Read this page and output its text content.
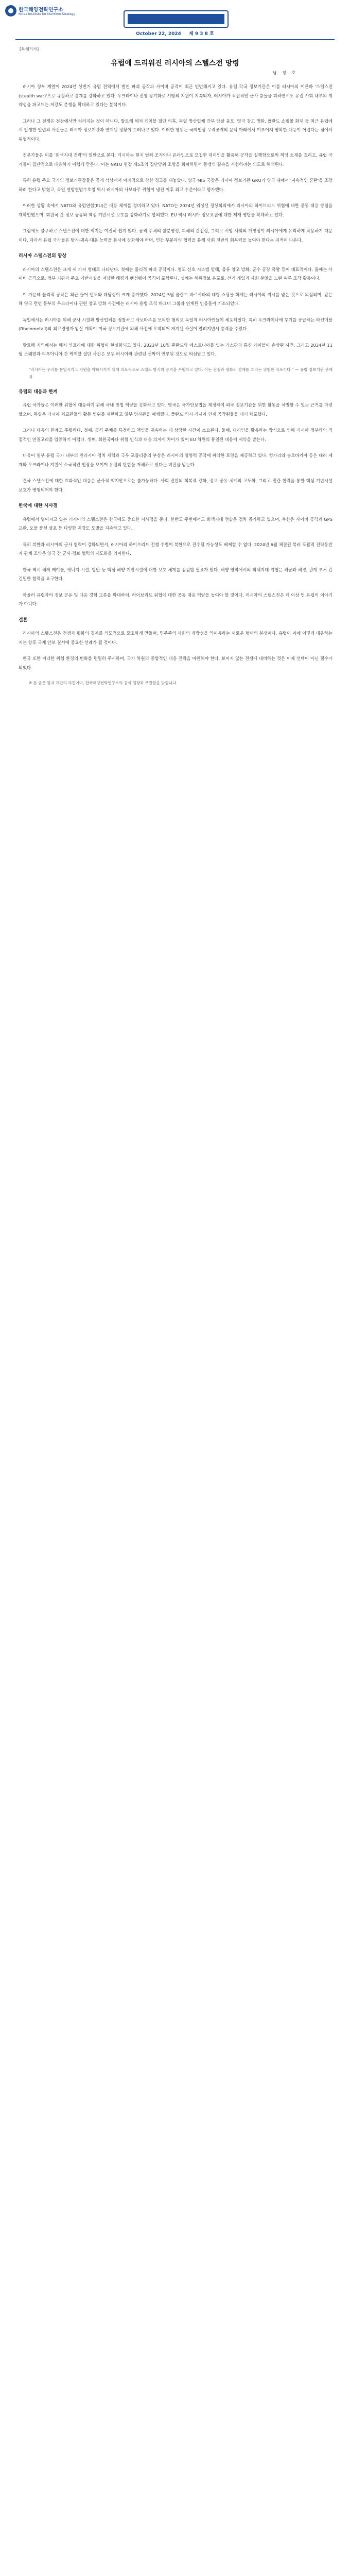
한국해양전략연구소
Korea Institute for Maritime Strategy	KIMS Periscope
October 22, 2024 제 9 3 8 호
[독해기사]
유럽에 드리워진 러시아의 스텔스전 망령
남 정 호

러시아 정부 계열이 2024년 상반기 유럽 전역에서 벌인 파괴 공작과 사이버 공격이 최근 빈번해지고 있다. 유럽 각국 정보기관은 이를 러시아의 이른바 '스텔스전(stealth war)'으로 규정하고 경계를 강화하고 있다. 우크라이나 전쟁 장기화로 서방의 지원이 지속되자, 러시아가 직접적인 군사 충돌을 피하면서도 유럽 사회 내부의 취약성을 파고드는 저강도 분쟁을 확대하고 있다는 분석이다.

그러나 그 전쟁은 전장에서만 치러지는 것이 아니다. 발트해 해저 케이블 절단 의혹, 독일 방산업체 간부 암살 음모, 영국 창고 방화, 폴란드 쇼핑몰 화재 등 최근 유럽에서 발생한 일련의 사건들은 러시아 정보기관과 연계된 정황이 드러나고 있다. 이러한 행위는 국제법상 무력공격의 문턱 아래에서 이루어져 명확한 대응이 어렵다는 점에서 위협적이다.

전문가들은 이를 '회색지대 전략'의 일환으로 본다. 러시아는 현지 범죄 조직이나 온라인으로 모집한 대리인을 활용해 공작을 실행함으로써 책임 소재를 흐리고, 유럽 국가들이 집단적으로 대응하기 어렵게 만든다. 이는 NATO 헌장 제5조의 집단방위 조항을 회피하면서 동맹의 결속을 시험하려는 의도로 해석된다.

특히 유럽 주요 국가의 정보기관장들은 공개 석상에서 이례적으로 강한 경고를 내놓았다. 영국 MI5 국장은 러시아 정보기관 GRU가 영국 내에서 '지속적인 혼란'을 조장하려 한다고 밝혔고, 독일 연방헌법수호청 역시 러시아의 사보타주 위협이 냉전 이후 최고 수준이라고 평가했다.

이러한 상황 속에서 NATO와 유럽연합(EU)은 대응 체계를 정비하고 있다. NATO는 2024년 워싱턴 정상회의에서 러시아의 하이브리드 위협에 대한 공동 대응 방침을 재확인했으며, 회원국 간 정보 공유와 핵심 기반시설 보호를 강화하기로 합의했다. EU 역시 러시아 정보요원에 대한 제재 명단을 확대하고 있다.

그럼에도 불구하고 스텔스전에 대한 억지는 여전히 쉽지 않다. 공격 주체의 불분명성, 피해의 간접성, 그리고 서방 사회의 개방성이 러시아에게 유리하게 작용하기 때문이다. 따라서 유럽 국가들은 탐지·귀속·대응 능력을 동시에 강화해야 하며, 민간 부문과의 협력을 통해 사회 전반의 회복력을 높여야 한다는 지적이 나온다.

러시아 스텔스전의 양상

러시아의 스텔스전은 크게 세 가지 형태로 나타난다. 첫째는 물리적 파괴 공작이다. 철도 신호 시스템 방해, 물류 창고 방화, 군수 공장 폭발 등이 대표적이다. 둘째는 사이버 공격으로, 정부 기관과 주요 기반시설을 겨냥한 해킹과 랜섬웨어 공격이 포함된다. 셋째는 허위정보 유포로, 선거 개입과 사회 분열을 노린 여론 조작 활동이다.

이 가운데 물리적 공작은 최근 들어 빈도와 대담성이 크게 증가했다. 2024년 5월 폴란드 바르샤바의 대형 쇼핑몰 화재는 러시아의 지시를 받은 것으로 의심되며, 같은 해 영국 런던 동부의 우크라이나 관련 창고 방화 사건에는 러시아 용병 조직 바그너 그룹과 연계된 인물들이 기소되었다.

독일에서는 러시아를 위해 군사 시설과 방산업체를 정찰하고 사보타주를 모의한 혐의로 독일계 러시아인들이 체포되었다. 특히 우크라이나에 무기를 공급하는 라인메탈(Rheinmetall)의 최고경영자 암살 계획이 미국 정보기관에 의해 사전에 포착되어 저지된 사실이 알려지면서 충격을 주었다.

발트해 지역에서는 해저 인프라에 대한 위협이 현실화되고 있다. 2023년 10월 핀란드와 에스토니아를 잇는 가스관과 통신 케이블이 손상된 사건, 그리고 2024년 11월 스웨덴과 리투아니아 간 케이블 절단 사건은 모두 러시아와 관련된 선박이 연루된 것으로 의심받고 있다.

"러시아는 우리를 분열시키고 지원을 약화시키기 위해 의도적으로 스텔스 방식의 공격을 수행하고 있다. 이는 전쟁과 평화의 경계를 흐리는 위험한 시도이다." — 유럽 정보기관 관계자
유럽의 대응과 한계

유럽 국가들은 이러한 위협에 대응하기 위해 국내 방첩 역량을 강화하고 있다. 영국은 국가안보법을 제정하여 외국 정보기관을 위한 활동을 처벌할 수 있는 근거를 마련했으며, 독일은 러시아 외교관들의 활동 범위를 제한하고 일부 영사관을 폐쇄했다. 폴란드 역시 러시아 연계 공작원들을 대거 체포했다.

그러나 대응의 한계도 뚜렷하다. 첫째, 공격 주체를 특정하고 책임을 귀속하는 데 상당한 시간이 소요된다. 둘째, 대리인을 활용하는 방식으로 인해 러시아 정부와의 직접적인 연결고리를 입증하기 어렵다. 셋째, 회원국마다 위협 인식과 대응 의지에 차이가 있어 EU 차원의 통일된 대응이 제약을 받는다.

더욱이 일부 유럽 국가 내부의 친러시아 정치 세력과 극우 포퓰리즘의 부상은 러시아의 영향력 공작에 취약한 토양을 제공하고 있다. 헝가리와 슬로바키아 등은 대러 제재와 우크라이나 지원에 소극적인 입장을 보이며 유럽의 단합을 저해하고 있다는 비판을 받는다.

결국 스텔스전에 대한 효과적인 대응은 군사적 억지만으로는 불가능하다. 사회 전반의 회복력 강화, 정보 공유 체계의 고도화, 그리고 민관 협력을 통한 핵심 기반시설 보호가 병행되어야 한다.

한국에 대한 시사점

유럽에서 벌어지고 있는 러시아의 스텔스전은 한국에도 중요한 시사점을 준다. 한반도 주변에서도 회색지대 전술은 점차 증가하고 있으며, 북한은 사이버 공격과 GPS 교란, 오물 풍선 살포 등 다양한 저강도 도발을 지속하고 있다.

특히 북한과 러시아의 군사 협력이 강화되면서, 러시아의 하이브리드 전쟁 수법이 북한으로 전수될 가능성도 배제할 수 없다. 2024년 6월 체결된 북러 포괄적 전략동반자 관계 조약은 양국 간 군사·정보 협력의 제도화를 의미한다.

한국 역시 해저 케이블, 에너지 시설, 항만 등 핵심 해양 기반시설에 대한 보호 체계를 점검할 필요가 있다. 해양 영역에서의 회색지대 위협은 해군과 해경, 관계 부처 간 긴밀한 협력을 요구한다.

아울러 유럽과의 정보 공유 및 대응 경험 교류를 확대하여, 하이브리드 위협에 대한 공동 대응 역량을 높여야 할 것이다. 러시아의 스텔스전은 더 이상 먼 유럽의 이야기가 아니다.

결론

러시아의 스텔스전은 전쟁과 평화의 경계를 의도적으로 모호하게 만들며, 민주주의 사회의 개방성을 역이용하는 새로운 형태의 분쟁이다. 유럽이 이에 어떻게 대응하는지는 향후 국제 안보 질서에 중요한 선례가 될 것이다.

한국 또한 이러한 위협 환경의 변화를 면밀히 주시하며, 국가 차원의 종합적인 대응 전략을 마련해야 한다. 보이지 않는 전쟁에 대비하는 것은 이제 선택이 아닌 필수가 되었다.

※ 본 글은 필자 개인의 의견이며, 한국해양전략연구소의 공식 입장과 무관함을 밝힙니다.
